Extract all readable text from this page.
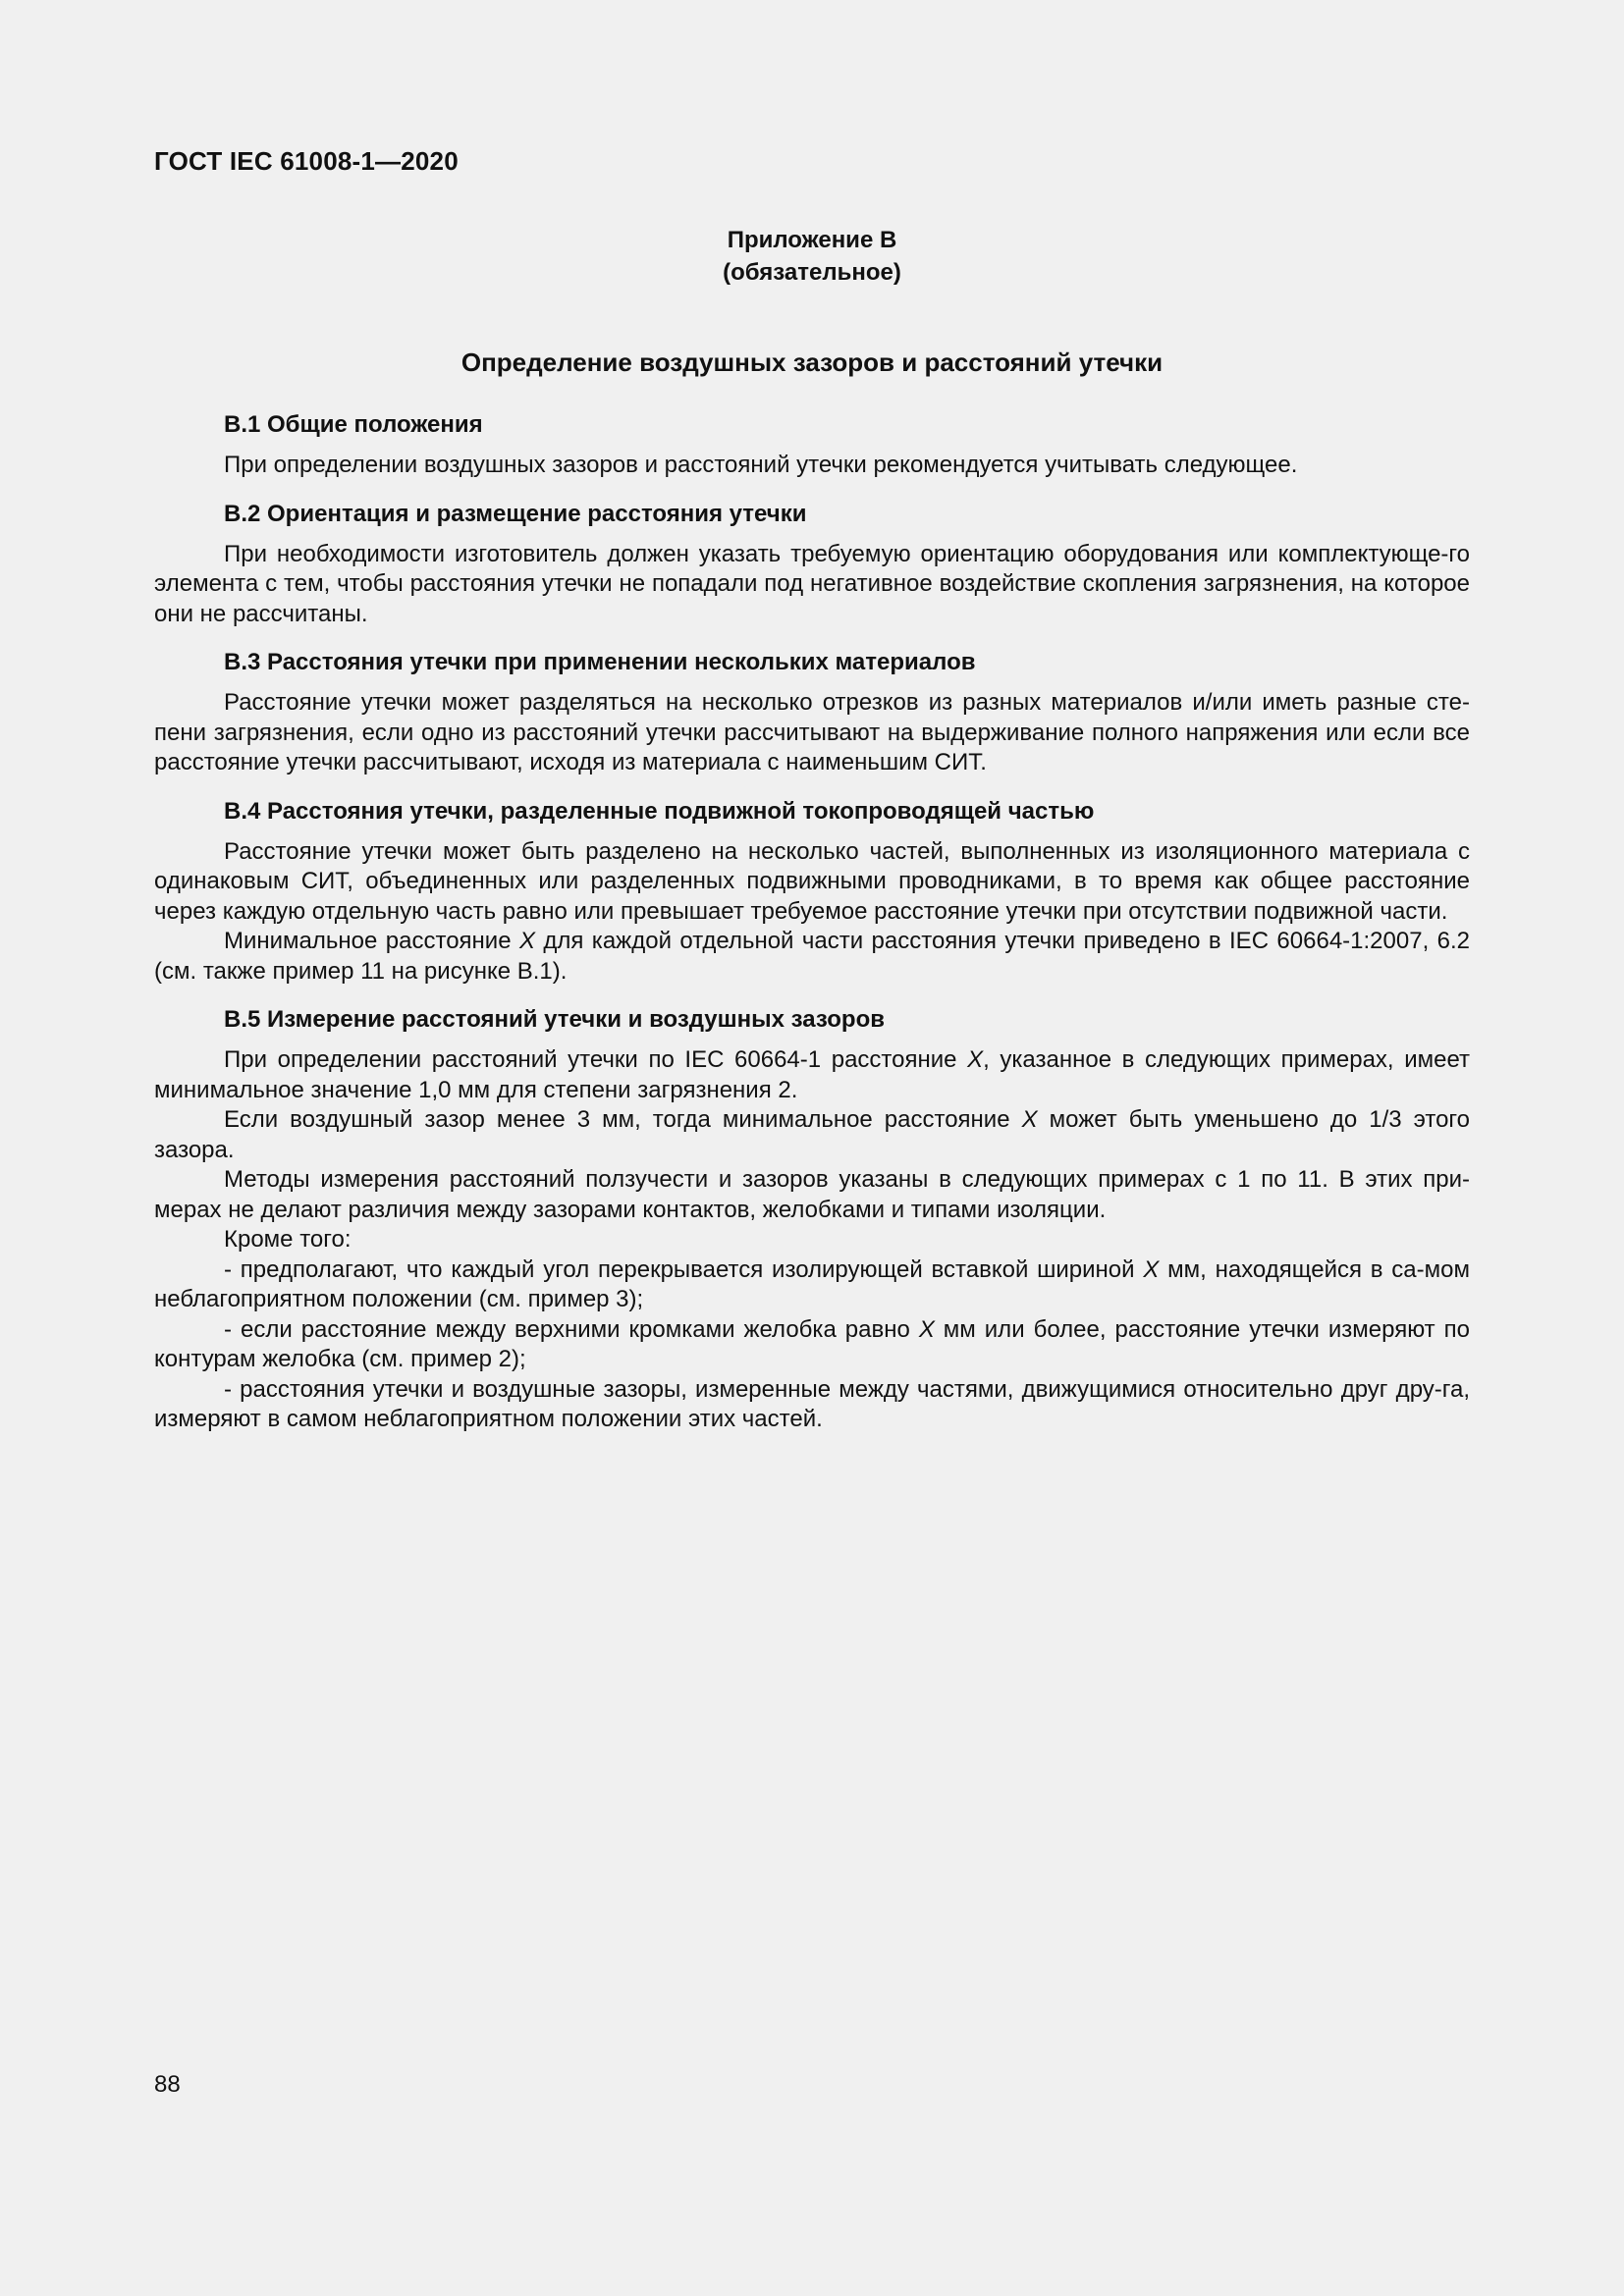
ГОСТ IEC 61008-1—2020
Приложение B
(обязательное)
Определение воздушных зазоров и расстояний утечки
B.1 Общие положения

При определении воздушных зазоров и расстояний утечки рекомендуется учитывать следующее.

B.2 Ориентация и размещение расстояния утечки

При необходимости изготовитель должен указать требуемую ориентацию оборудования или комплектующе-го элемента с тем, чтобы расстояния утечки не попадали под негативное воздействие скопления загрязнения, на которое они не рассчитаны.

B.3 Расстояния утечки при применении нескольких материалов

Расстояние утечки может разделяться на несколько отрезков из разных материалов и/или иметь разные сте-пени загрязнения, если одно из расстояний утечки рассчитывают на выдерживание полного напряжения или если все расстояние утечки рассчитывают, исходя из материала с наименьшим СИТ.

B.4 Расстояния утечки, разделенные подвижной токопроводящей частью

Расстояние утечки может быть разделено на несколько частей, выполненных из изоляционного материала с одинаковым СИТ, объединенных или разделенных подвижными проводниками, в то время как общее расстояние через каждую отдельную часть равно или превышает требуемое расстояние утечки при отсутствии подвижной части.

Минимальное расстояние X для каждой отдельной части расстояния утечки приведено в IEC 60664-1:2007, 6.2 (см. также пример 11 на рисунке B.1).

B.5 Измерение расстояний утечки и воздушных зазоров

При определении расстояний утечки по IEC 60664-1 расстояние X, указанное в следующих примерах, имеет минимальное значение 1,0 мм для степени загрязнения 2.

Если воздушный зазор менее 3 мм, тогда минимальное расстояние X может быть уменьшено до 1/3 этого зазора.

Методы измерения расстояний ползучести и зазоров указаны в следующих примерах с 1 по 11. В этих при-мерах не делают различия между зазорами контактов, желобками и типами изоляции.

Кроме того:

- предполагают, что каждый угол перекрывается изолирующей вставкой шириной X мм, находящейся в са-мом неблагоприятном положении (см. пример 3);

- если расстояние между верхними кромками желобка равно X мм или более, расстояние утечки измеряют по контурам желобка (см. пример 2);

- расстояния утечки и воздушные зазоры, измеренные между частями, движущимися относительно друг дру-га, измеряют в самом неблагоприятном положении этих частей.

88
